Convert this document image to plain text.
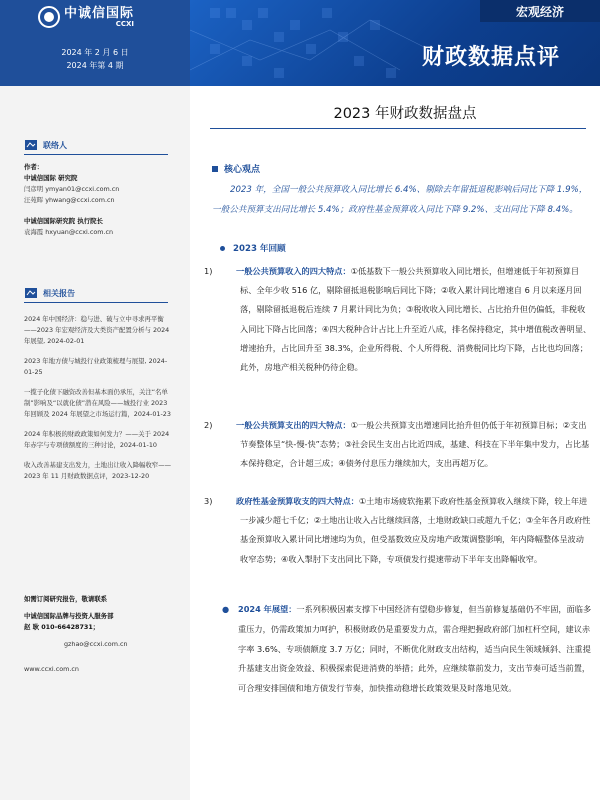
中诚信国际
CCXI
2024 年 2 月 6 日
2024 年第 4 期
宏观经济
财政数据点评
联络人
作者：
中诚信国际 研究院
闫彦明 ymyan01@ccxi.com.cn
汪苑晖 yhwang@ccxi.com.cn
中诚信国际研究院 执行院长
袁海霞 hxyuan@ccxi.com.cn
相关报告
2024 年中国经济：稳与进、破与立中寻求再平衡——2023 年宏观经济及大类资产配置分析与 2024 年展望, 2024-02-01
2023 年地方债与城投行业政策梳理与展望, 2024-01-25
一揽子化债下融资改善但基本面仍承压，关注“名单制”影响及“以就化债”潜在风险——城投行业 2023 年回顾及 2024 年展望之市场运行篇，2024-01-23
2024 年积极的财政政策如何发力？——关于 2024 年赤字与专项债额度的三种讨论，2024-01-10
收入改善基建支出发力，土地出让收入降幅收窄——2023 年 11 月财政数据点评，2023-12-20
如需订阅研究报告，敬请联系
中诚信国际品牌与投资人服务部
赵 耿 010-66428731；
gzhao@ccxi.com.cn
www.ccxi.com.cn
2023 年财政数据盘点
核心观点
2023 年，全国一般公共预算收入同比增长 6.4%、剔除去年留抵退税影响后同比下降 1.9%，一般公共预算支出同比增长 5.4%；政府性基金预算收入同比下降 9.2%、支出同比下降 8.4%。
2023 年回顾
1)	一般公共预算收入的四大特点：①低基数下一般公共预算收入同比增长，但增速低于年初预算目标、全年少收 516 亿，剔除留抵退税影响后同比下降；②收入累计同比增速自 6 月以来逐月回落，剔除留抵退税后连续 7 月累计同比为负；③税收收入同比增长、占比抬升但仍偏低，非税收入同比下降占比回落；④四大税种合计占比上升至近八成，排名保持稳定，其中增值税改善明显、增速抬升，占比回升至 38.3%，企业所得税、个人所得税、消费税同比均下降，占比也均回落；此外，房地产相关税种仍待企稳。
2)	一般公共预算支出的四大特点：①一般公共预算支出增速同比抬升但仍低于年初预算目标；②支出节奏整体呈“快-慢-快”态势；③社会民生支出占比近四成，基建、科技在下半年集中发力，占比基本保持稳定，合计超三成；④债务付息压力继续加大，支出再超万亿。
3)	政府性基金预算收支的四大特点：①土地市场疲软拖累下政府性基金预算收入继续下降，较上年进一步减少超七千亿；②土地出让收入占比继续回落，土地财政缺口或超九千亿；③全年各月政府性基金预算收入累计同比增速均为负，但受基数效应及房地产政策调整影响，年内降幅整体呈波动收窄态势；④收入掣肘下支出同比下降，专项债发行提速带动下半年支出降幅收窄。
● 2024 年展望：一系列积极因素支撑下中国经济有望稳步修复，但当前修复基础仍不牢固，面临多重压力，仍需政策加力呵护，积极财政仍是重要发力点，需合理把握政府部门加杠杆空间，建议赤字率 3.6%、专项债额度 3.7 万亿；同时，不断优化财政支出结构，适当向民生领域倾斜、注重提升基建支出资金效益、积极探索促进消费的举措；此外，应继续靠前发力，支出节奏可适当前置，可合理安排国债和地方债发行节奏，加快推动稳增长政策效果及时落地见效。
